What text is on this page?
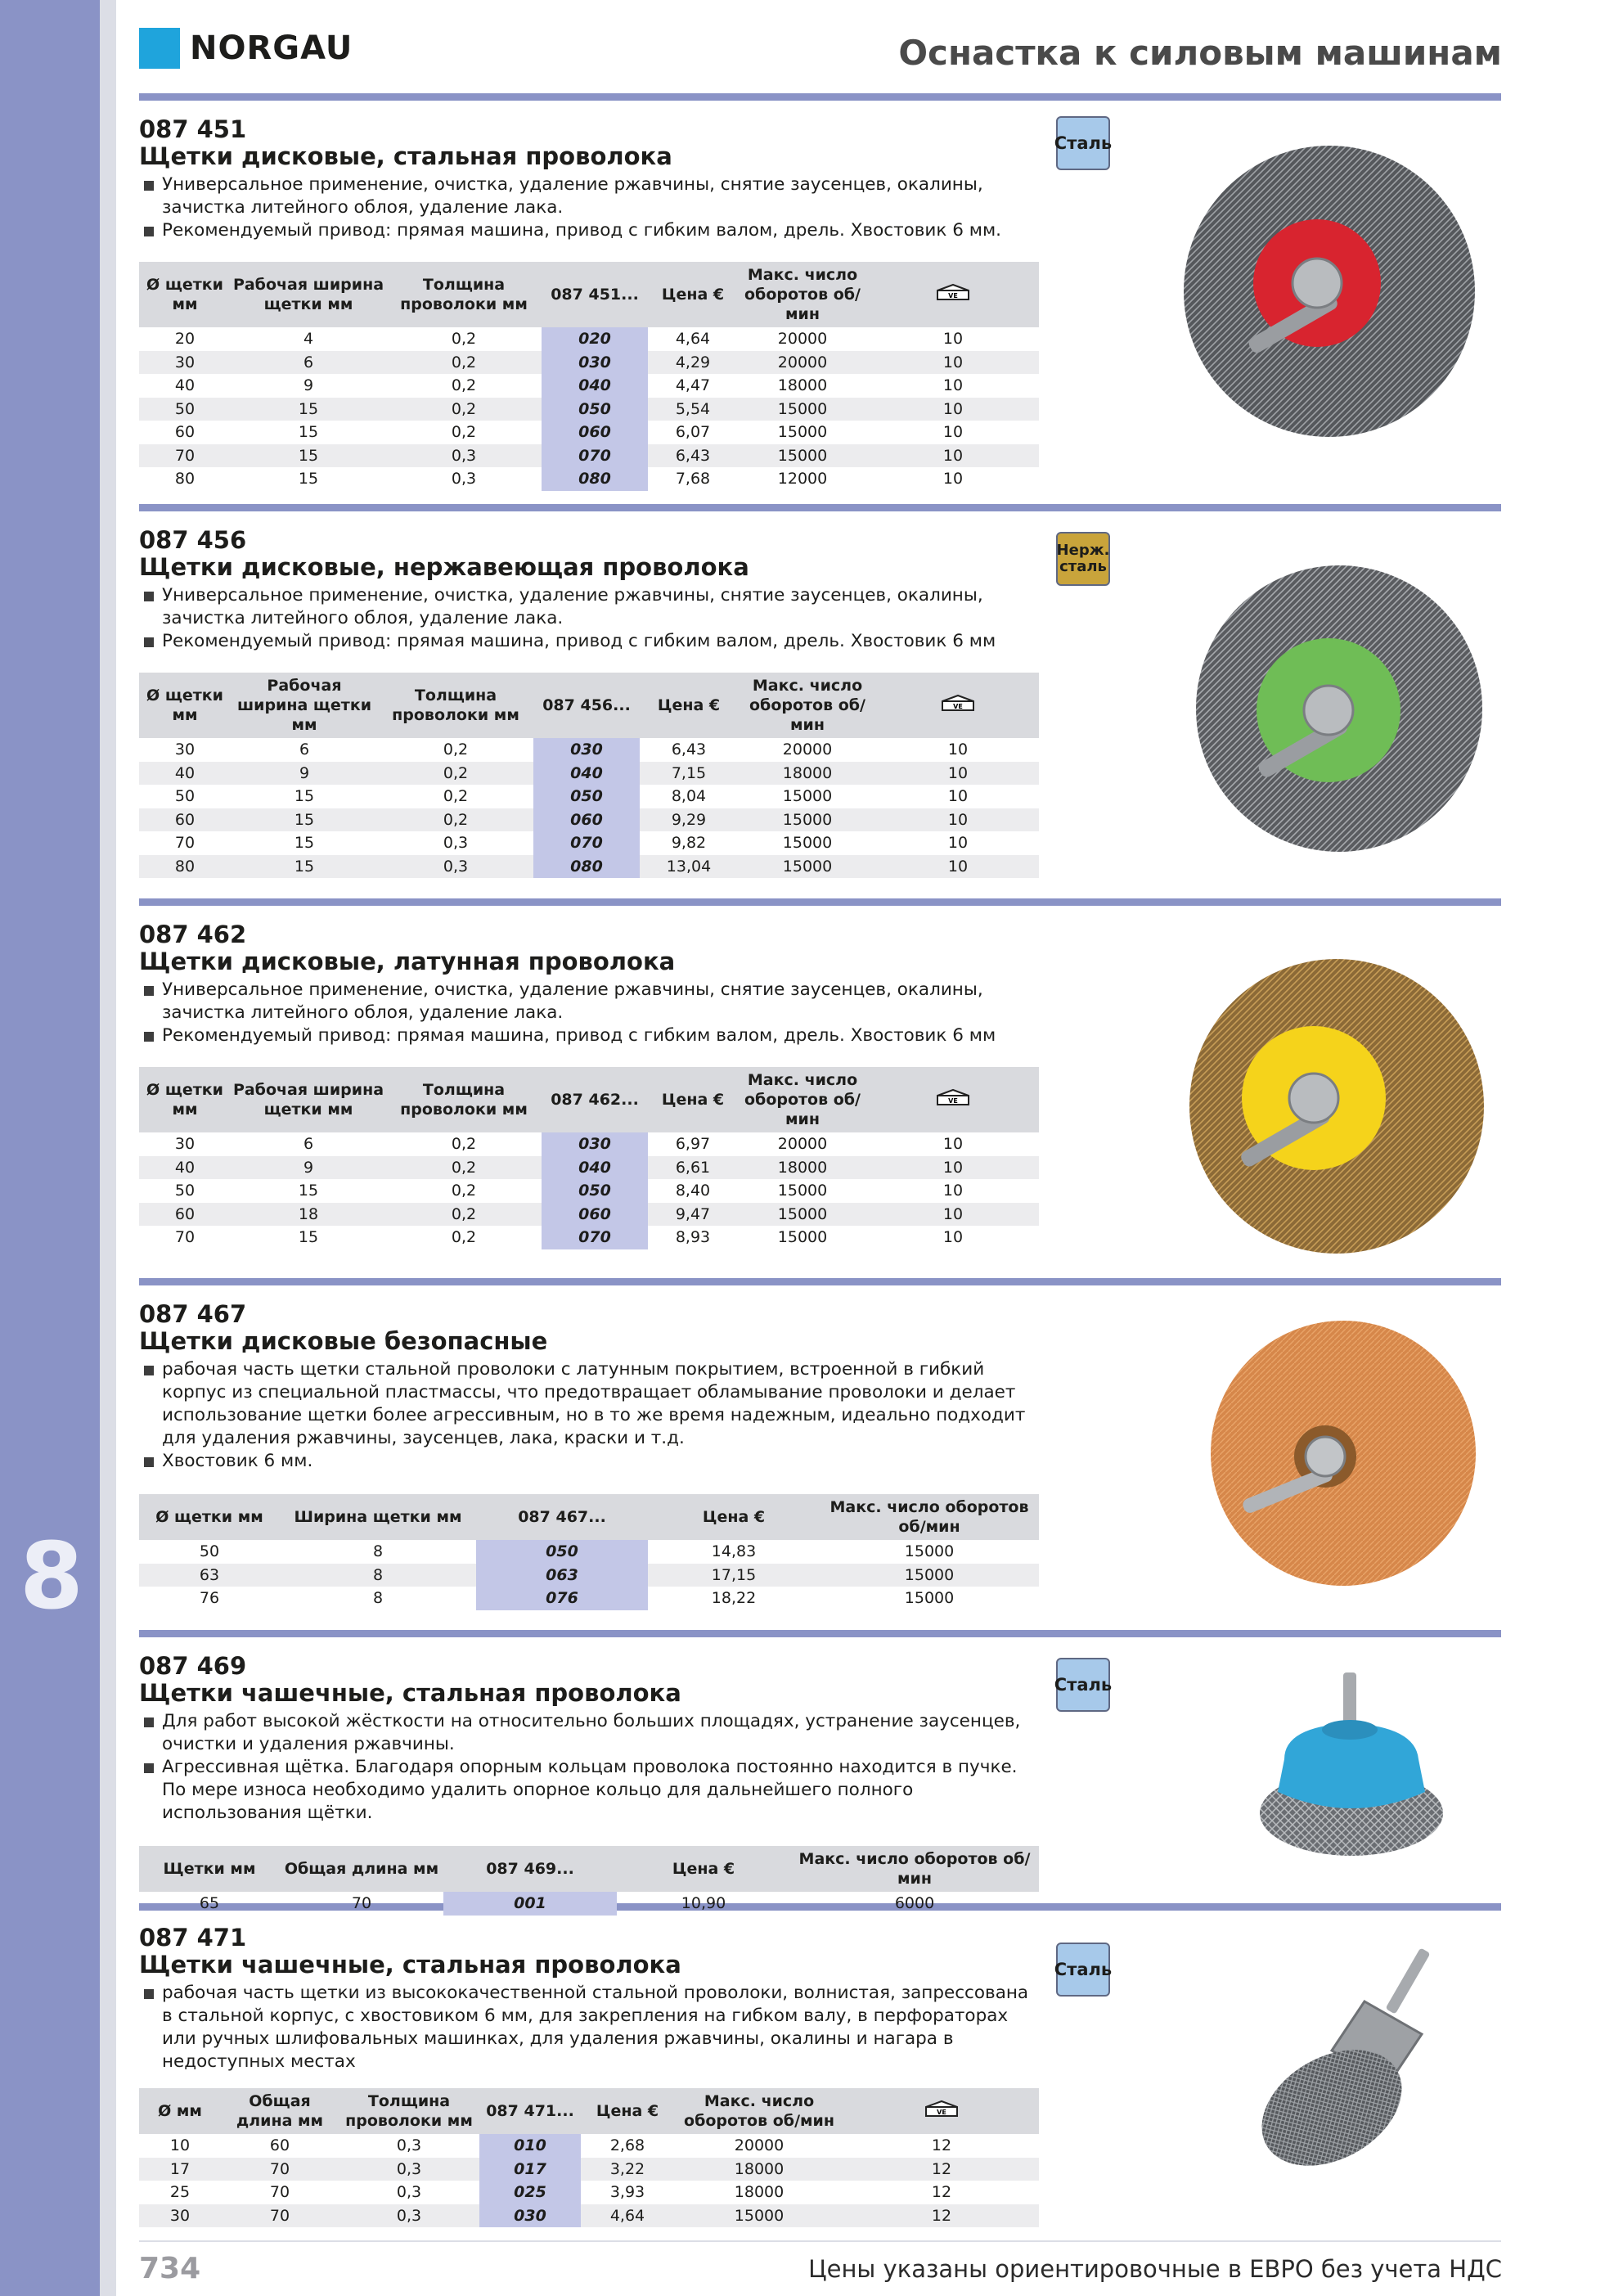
8
NORGAU	Оснастка к силовым машинам
087 451
Щетки дисковые, стальная проволока
Универсальное применение, очистка, удаление ржавчины, снятие заусенцев, окалины, зачистка литейного облоя, удаление лака.
Рекомендуемый привод: прямая машина, привод с гибким валом, дрель. Хвостовик 6 мм.
Ø щетки мм	Рабочая ширина щетки мм	Толщина проволоки мм	087 451...	Цена €	Макс. число оборотов об/мин	VE

20	4	0,2	020	4,64	20000	10
30	6	0,2	030	4,29	20000	10
40	9	0,2	040	4,47	18000	10
50	15	0,2	050	5,54	15000	10
60	15	0,2	060	6,07	15000	10
70	15	0,3	070	6,43	15000	10
80	15	0,3	080	7,68	12000	10
Сталь
087 456
Щетки дисковые, нержавеющая проволока
Универсальное применение, очистка, удаление ржавчины, снятие заусенцев, окалины, зачистка литейного облоя, удаление лака.
Рекомендуемый привод: прямая машина, привод с гибким валом, дрель. Хвостовик 6 мм
Ø щетки мм	Рабочая ширина щетки мм	Толщина проволоки мм	087 456...	Цена €	Макс. число оборотов об/мин	VE

30	6	0,2	030	6,43	20000	10
40	9	0,2	040	7,15	18000	10
50	15	0,2	050	8,04	15000	10
60	15	0,2	060	9,29	15000	10
70	15	0,3	070	9,82	15000	10
80	15	0,3	080	13,04	15000	10
Нерж. сталь
087 462
Щетки дисковые, латунная проволока
Универсальное применение, очистка, удаление ржавчины, снятие заусенцев, окалины, зачистка литейного облоя, удаление лака.
Рекомендуемый привод: прямая машина, привод с гибким валом, дрель. Хвостовик 6 мм
Ø щетки мм	Рабочая ширина щетки мм	Толщина проволоки мм	087 462...	Цена €	Макс. число оборотов об/мин	VE

30	6	0,2	030	6,97	20000	10
40	9	0,2	040	6,61	18000	10
50	15	0,2	050	8,40	15000	10
60	18	0,2	060	9,47	15000	10
70	15	0,2	070	8,93	15000	10
087 467
Щетки дисковые безопасные
рабочая часть щетки стальной проволоки с латунным покрытием, встроенной в гибкий корпус из специальной пластмассы, что предотвращает обламывание проволоки и делает использование щетки более агрессивным, но в то же время надежным, идеально подходит для удаления ржавчины, заусенцев, лака, краски и т.д.
Хвостовик 6 мм.
Ø щетки мм	Ширина щетки мм	087 467...	Цена €	Макс. число оборотов об/мин
50	8	050	14,83	15000
63	8	063	17,15	15000
76	8	076	18,22	15000
087 469
Щетки чашечные, стальная проволока
Для работ высокой жёсткости на относительно больших площадях, устранение заусенцев, очистки и удаления ржавчины.
Агрессивная щётка. Благодаря опорным кольцам проволока постоянно находится в пучке. По мере износа необходимо удалить опорное кольцо для дальнейшего полного использования щётки.
Щетки мм	Общая длина мм	087 469...	Цена €	Макс. число оборотов об/мин
65	70	001	10,90	6000
Сталь
087 471
Щетки чашечные, стальная проволока
рабочая часть щетки из высококачественной стальной проволоки, волнистая, запрессована в стальной корпус, с хвостовиком 6 мм, для закрепления на гибком валу, в перфораторах или ручных шлифовальных машинках, для удаления ржавчины, окалины и нагара в недоступных местах
Ø мм	Общая длина мм	Толщина проволоки мм	087 471...	Цена €	Макс. число оборотов об/мин	VE

10	60	0,3	010	2,68	20000	12
17	70	0,3	017	3,22	18000	12
25	70	0,3	025	3,93	18000	12
30	70	0,3	030	4,64	15000	12
Сталь
734	Цены указаны ориентировочные в ЕВРО без учета НДС
